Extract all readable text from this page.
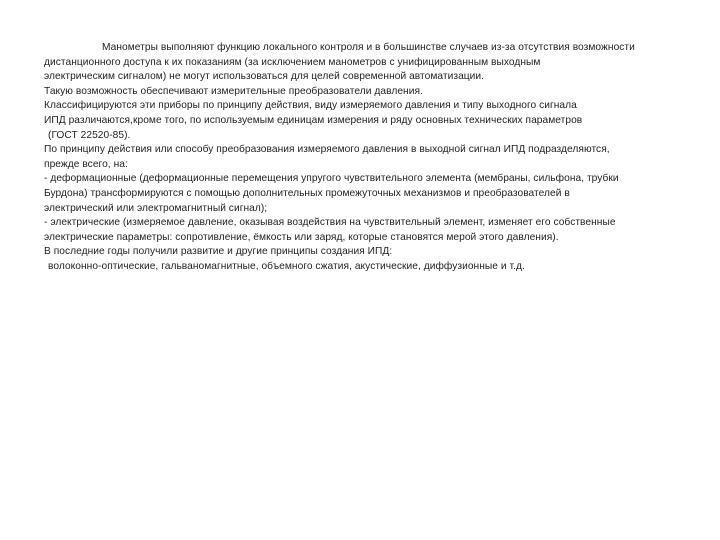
Манометры выполняют функцию локального контроля и в большинстве случаев из-за отсутствия возможности
дистанционного доступа к их показаниям (за исключением манометров с унифицированным выходным
электрическим сигналом) не могут использоваться для целей современной автоматизации.
Такую возможность обеспечивают измерительные преобразователи давления.
Классифицируются эти приборы по принципу действия, виду измеряемого давления и типу выходного сигнала
ИПД различаются,кроме того, по используемым единицам измерения и ряду основных технических параметров
(ГОСТ 22520-85).
По принципу действия или способу преобразования измеряемого давления в выходной сигнал ИПД подразделяются,
прежде всего, на:
- деформационные (деформационные перемещения упругого чувствительного элемента (мембраны, сильфона, трубки
Бурдона) трансформируются с помощью дополнительных промежуточных механизмов и преобразователей в
электрический или электромагнитный сигнал);
- электрические (измеряемое давление, оказывая воздействия на чувствительный элемент, изменяет его собственные
электрические параметры: сопротивление, ёмкость или заряд, которые становятся мерой этого давления).
В последние годы получили развитие и другие принципы создания ИПД:
волоконно-оптические, гальваномагнитные, объемного сжатия, акустические, диффузионные и т.д.
